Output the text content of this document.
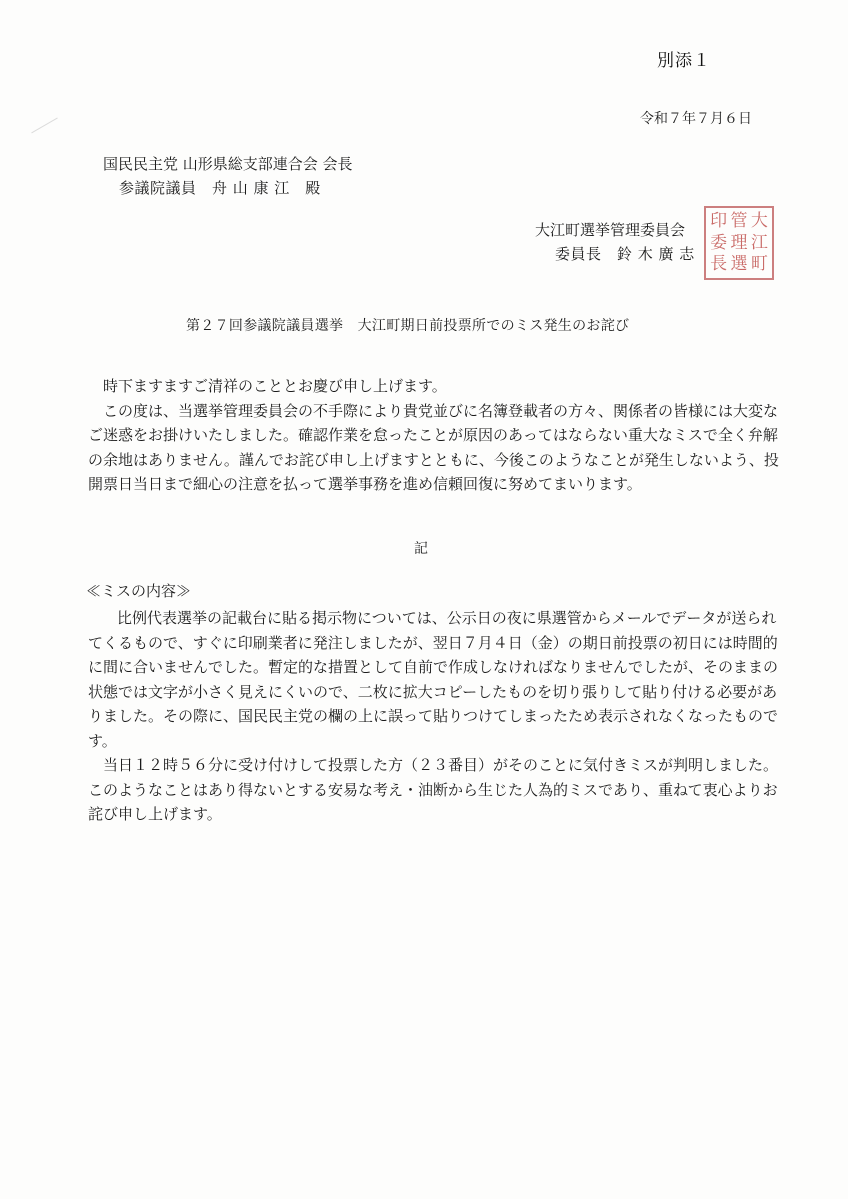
別添１
令和７年７月６日
国民民主党 山形県総支部連合会 会長
参議院議員　舟 山 康 江　殿
大江町選挙管理委員会
委員長　鈴 木 廣 志
印 管 大
委 理 江
長 選 町
第２７回参議院議員選挙　大江町期日前投票所でのミス発生のお詫び

時下ますますご清祥のこととお慶び申し上げます。

この度は、当選挙管理委員会の不手際により貴党並びに名簿登載者の方々、関係者の皆様には大変なご迷惑をお掛けいたしました。確認作業を怠ったことが原因のあってはならない重大なミスで全く弁解の余地はありません。謹んでお詫び申し上げますとともに、今後このようなことが発生しないよう、投開票日当日まで細心の注意を払って選挙事務を進め信頼回復に努めてまいります。

記
≪ミスの内容≫

比例代表選挙の記載台に貼る掲示物については、公示日の夜に県選管からメールでデータが送られてくるもので、すぐに印刷業者に発注しましたが、翌日７月４日（金）の期日前投票の初日には時間的に間に合いませんでした。暫定的な措置として自前で作成しなければなりませんでしたが、そのままの状態では文字が小さく見えにくいので、二枚に拡大コピーしたものを切り張りして貼り付ける必要がありました。その際に、国民民主党の欄の上に誤って貼りつけてしまったため表示されなくなったものです。

当日１２時５６分に受け付けして投票した方（２３番目）がそのことに気付きミスが判明しました。このようなことはあり得ないとする安易な考え・油断から生じた人為的ミスであり、重ねて衷心よりお詫び申し上げます。
